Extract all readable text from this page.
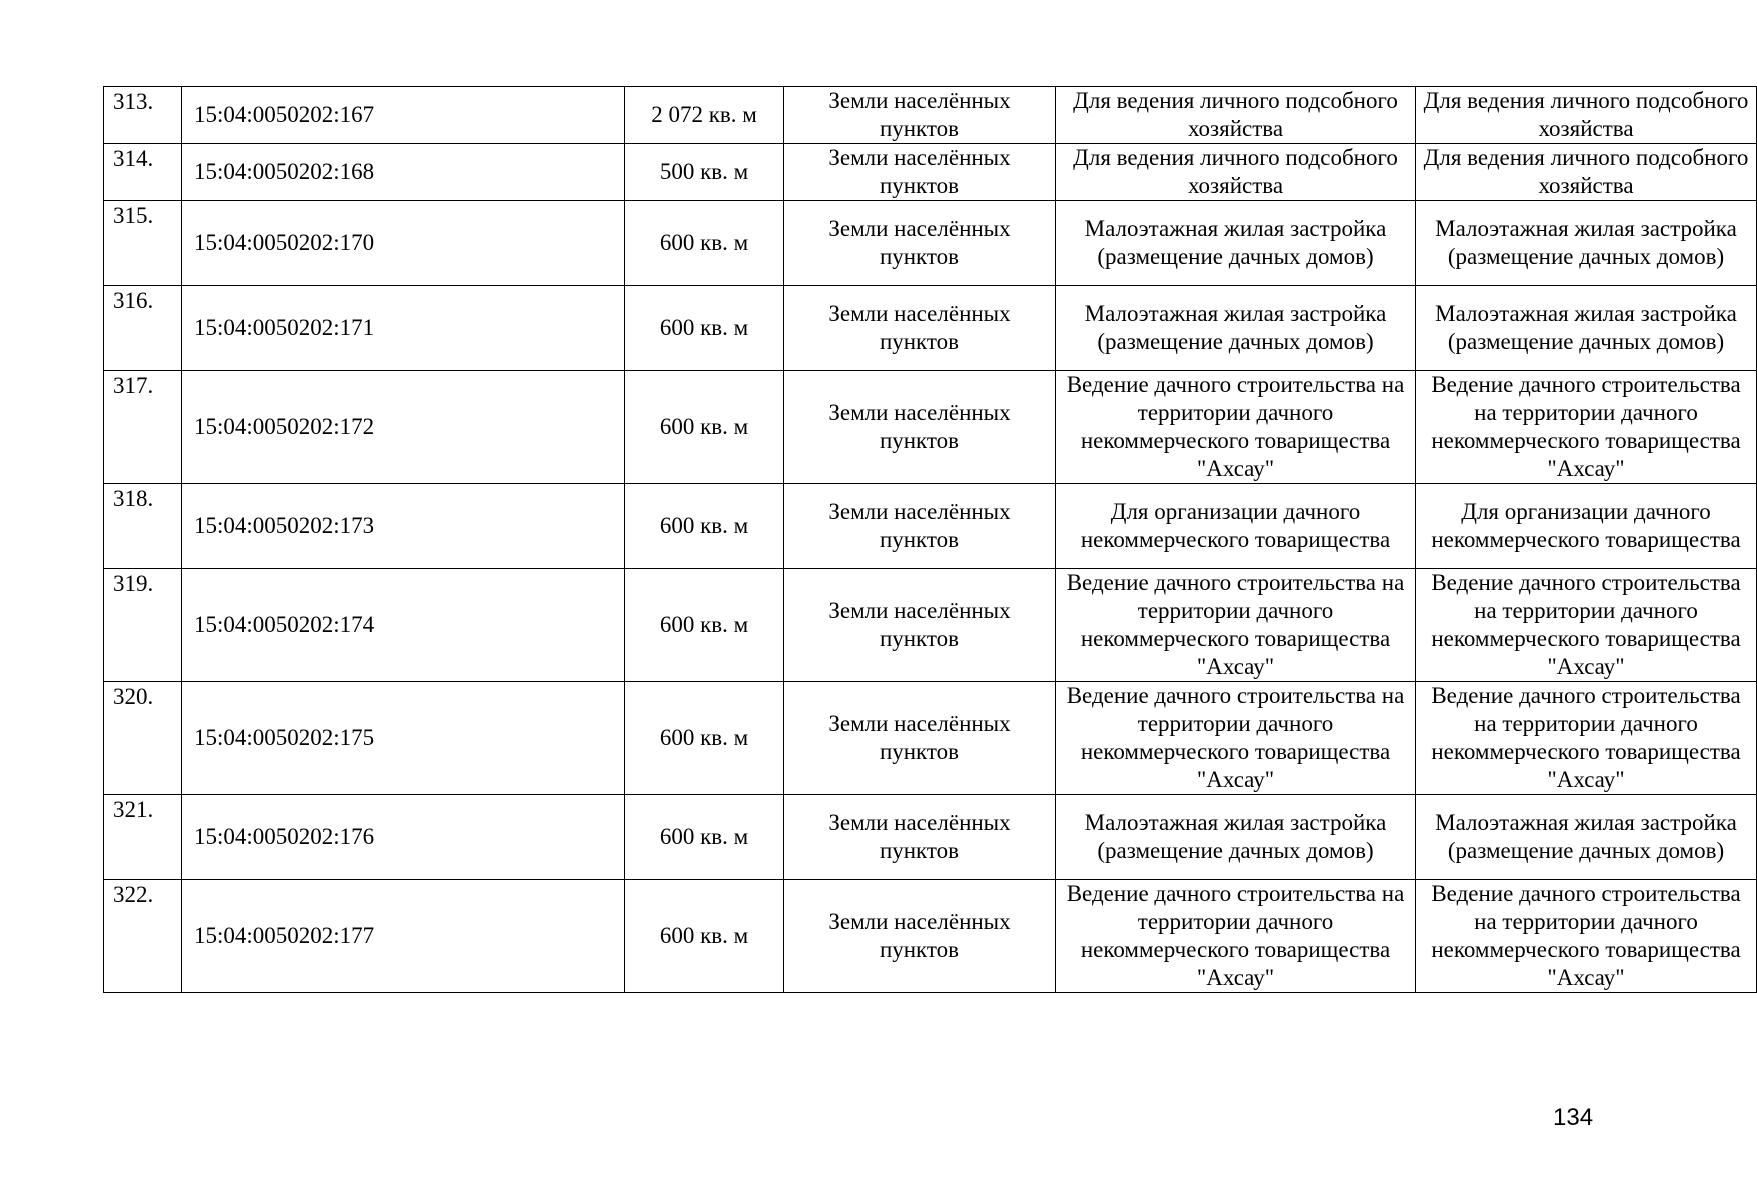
313.	15:04:0050202:167	2 072 кв. м	Земли населённых пунктов	Для ведения личного подсобного хозяйства	Для ведения личного подсобного хозяйства
314.	15:04:0050202:168	500 кв. м	Земли населённых пунктов	Для ведения личного подсобного хозяйства	Для ведения личного подсобного хозяйства
315.	15:04:0050202:170	600 кв. м	Земли населённых пунктов	Малоэтажная жилая застройка (размещение дачных домов)	Малоэтажная жилая застройка (размещение дачных домов)
316.	15:04:0050202:171	600 кв. м	Земли населённых пунктов	Малоэтажная жилая застройка (размещение дачных домов)	Малоэтажная жилая застройка (размещение дачных домов)
317.	15:04:0050202:172	600 кв. м	Земли населённых пунктов	Ведение дачного строительства на территории дачного некоммерческого товарищества "Ахсау"	Ведение дачного строительства на территории дачного некоммерческого товарищества "Ахсау"
318.	15:04:0050202:173	600 кв. м	Земли населённых пунктов	Для организации дачного некоммерческого товарищества	Для организации дачного некоммерческого товарищества
319.	15:04:0050202:174	600 кв. м	Земли населённых пунктов	Ведение дачного строительства на территории дачного некоммерческого товарищества "Ахсау"	Ведение дачного строительства на территории дачного некоммерческого товарищества "Ахсау"
320.	15:04:0050202:175	600 кв. м	Земли населённых пунктов	Ведение дачного строительства на территории дачного некоммерческого товарищества "Ахсау"	Ведение дачного строительства на территории дачного некоммерческого товарищества "Ахсау"
321.	15:04:0050202:176	600 кв. м	Земли населённых пунктов	Малоэтажная жилая застройка (размещение дачных домов)	Малоэтажная жилая застройка (размещение дачных домов)
322.	15:04:0050202:177	600 кв. м	Земли населённых пунктов	Ведение дачного строительства на территории дачного некоммерческого товарищества "Ахсау"	Ведение дачного строительства на территории дачного некоммерческого товарищества "Ахсау"
134
